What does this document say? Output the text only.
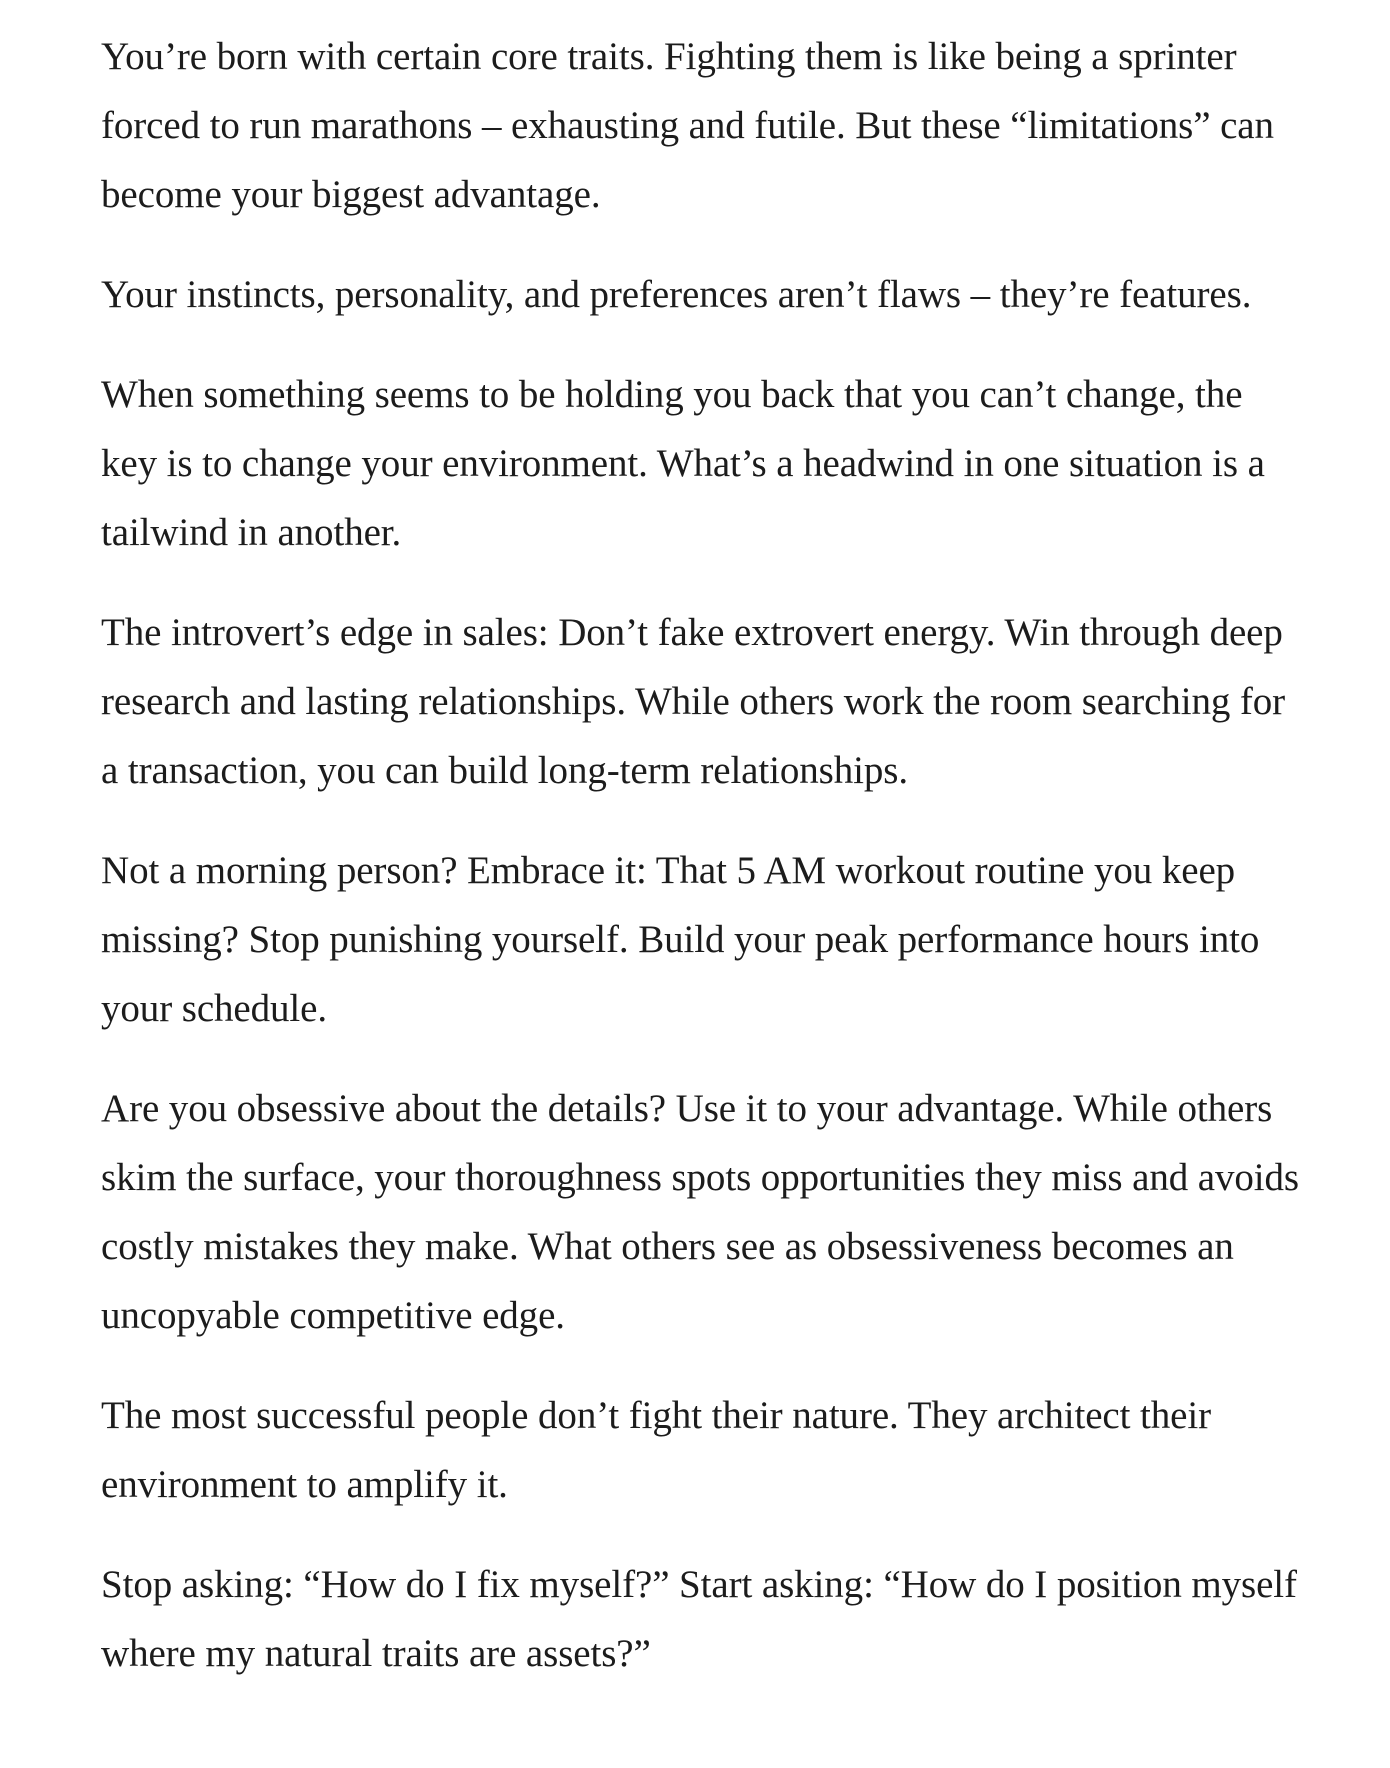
You’re born with certain core traits. Fighting them is like being a sprinter forced to run marathons – exhausting and futile. But these “limitations” can become your biggest advantage.

Your instincts, personality, and preferences aren’t flaws – they’re features.

When something seems to be holding you back that you can’t change, the key is to change your environment. What’s a headwind in one situation is a tailwind in another.

The introvert’s edge in sales: Don’t fake extrovert energy. Win through deep research and lasting relationships. While others work the room searching for a transaction, you can build long-term relationships.

Not a morning person? Embrace it: That 5 AM workout routine you keep missing? Stop punishing yourself. Build your peak performance hours into your schedule.

Are you obsessive about the details? Use it to your advantage. While others skim the surface, your thoroughness spots opportunities they miss and avoids costly mistakes they make. What others see as obsessiveness becomes an uncopyable competitive edge.

The most successful people don’t fight their nature. They architect their environment to amplify it.

Stop asking: “How do I fix myself?” Start asking: “How do I position myself where my natural traits are assets?”
